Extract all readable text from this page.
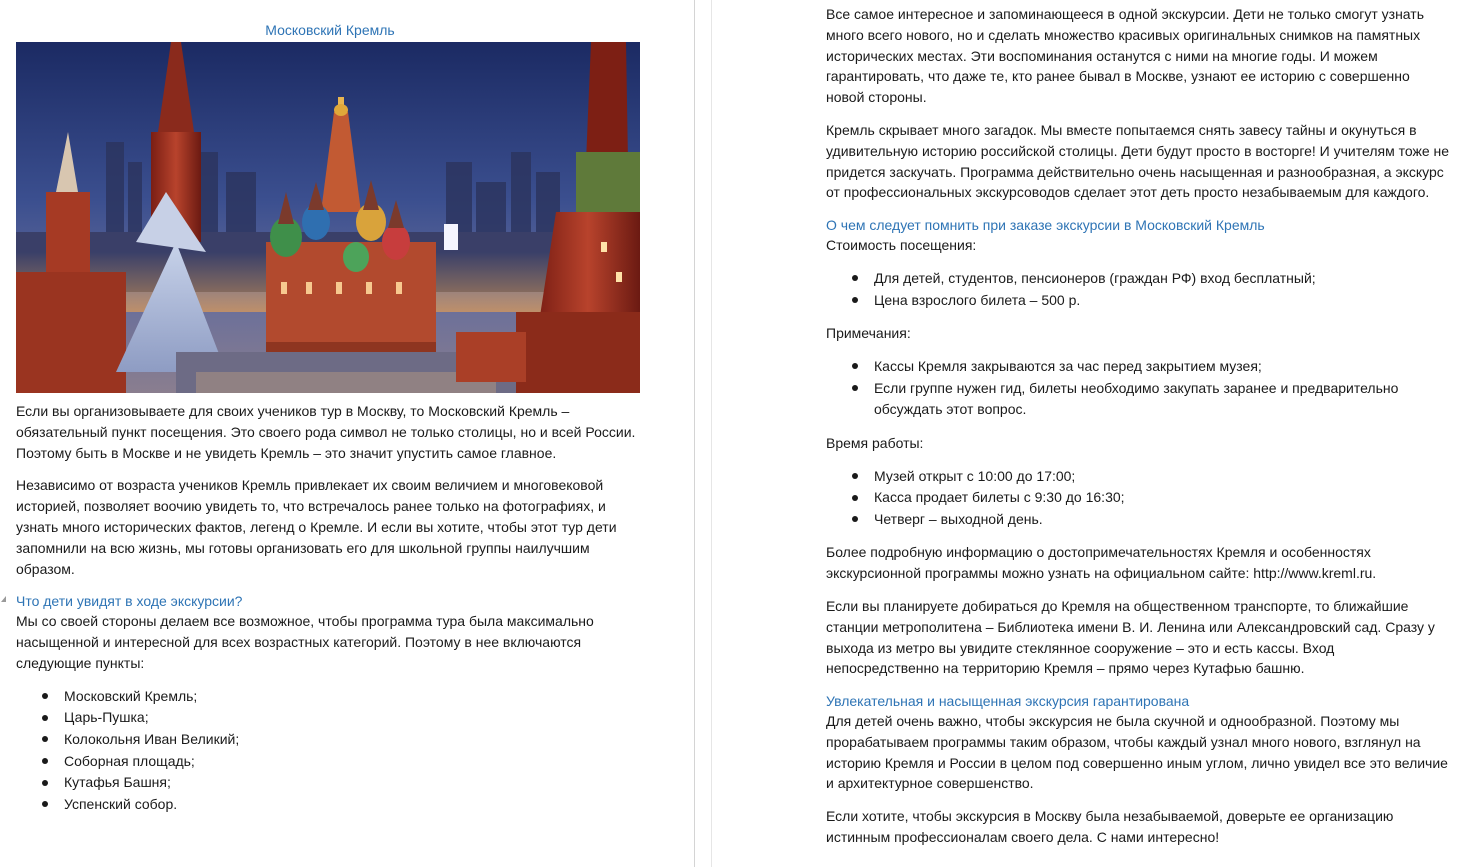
Московский Кремль

Если вы организовываете для своих учеников тур в Москву, то Московский Кремль – обязательный пункт посещения. Это своего рода символ не только столицы, но и всей России. Поэтому быть в Москве и не увидеть Кремль – это значит упустить самое главное.

Независимо от возраста учеников Кремль привлекает их своим величием и многовековой историей, позволяет воочию увидеть то, что встречалось ранее только на фотографиях, и узнать много исторических фактов, легенд о Кремле. И если вы хотите, чтобы этот тур дети запомнили на всю жизнь, мы готовы организовать его для школьной группы наилучшим образом.

Что дети увидят в ходе экскурсии?

Мы со своей стороны делаем все возможное, чтобы программа тура была максимально насыщенной и интересной для всех возрастных категорий. Поэтому в нее включаются следующие пункты:

Московский Кремль;
Царь-Пушка;
Колокольня Иван Великий;
Соборная площадь;
Кутафья Башня;
Успенский собор.

Все самое интересное и запоминающееся в одной экскурсии. Дети не только смогут узнать много всего нового, но и сделать множество красивых оригинальных снимков на памятных исторических местах. Эти воспоминания останутся с ними на многие годы. И можем гарантировать, что даже те, кто ранее бывал в Москве, узнают ее историю с совершенно новой стороны.

Кремль скрывает много загадок. Мы вместе попытаемся снять завесу тайны и окунуться в удивительную историю российской столицы. Дети будут просто в восторге! И учителям тоже не придется заскучать. Программа действительно очень насыщенная и разнообразная, а экскурс от профессиональных экскурсоводов сделает этот деть просто незабываемым для каждого.

О чем следует помнить при заказе экскурсии в Московский Кремль

Стоимость посещения:

Для детей, студентов, пенсионеров (граждан РФ) вход бесплатный;
Цена взрослого билета – 500 р.

Примечания:

Кассы Кремля закрываются за час перед закрытием музея;
Если группе нужен гид, билеты необходимо закупать заранее и предварительно обсуждать этот вопрос.

Время работы:

Музей открыт с 10:00 до 17:00;
Касса продает билеты с 9:30 до 16:30;
Четверг – выходной день.

Более подробную информацию о достопримечательностях Кремля и особенностях экскурсионной программы можно узнать на официальном сайте: http://www.kreml.ru.

Если вы планируете добираться до Кремля на общественном транспорте, то ближайшие станции метрополитена – Библиотека имени В. И. Ленина или Александровский сад. Сразу у выхода из метро вы увидите стеклянное сооружение – это и есть кассы. Вход непосредственно на территорию Кремля – прямо через Кутафью башню.

Увлекательная и насыщенная экскурсия гарантирована

Для детей очень важно, чтобы экскурсия не была скучной и однообразной. Поэтому мы прорабатываем программы таким образом, чтобы каждый узнал много нового, взглянул на историю Кремля и России в целом под совершенно иным углом, лично увидел все это величие и архитектурное совершенство.

Если хотите, чтобы экскурсия в Москву была незабываемой, доверьте ее организацию истинным профессионалам своего дела. С нами интересно!
